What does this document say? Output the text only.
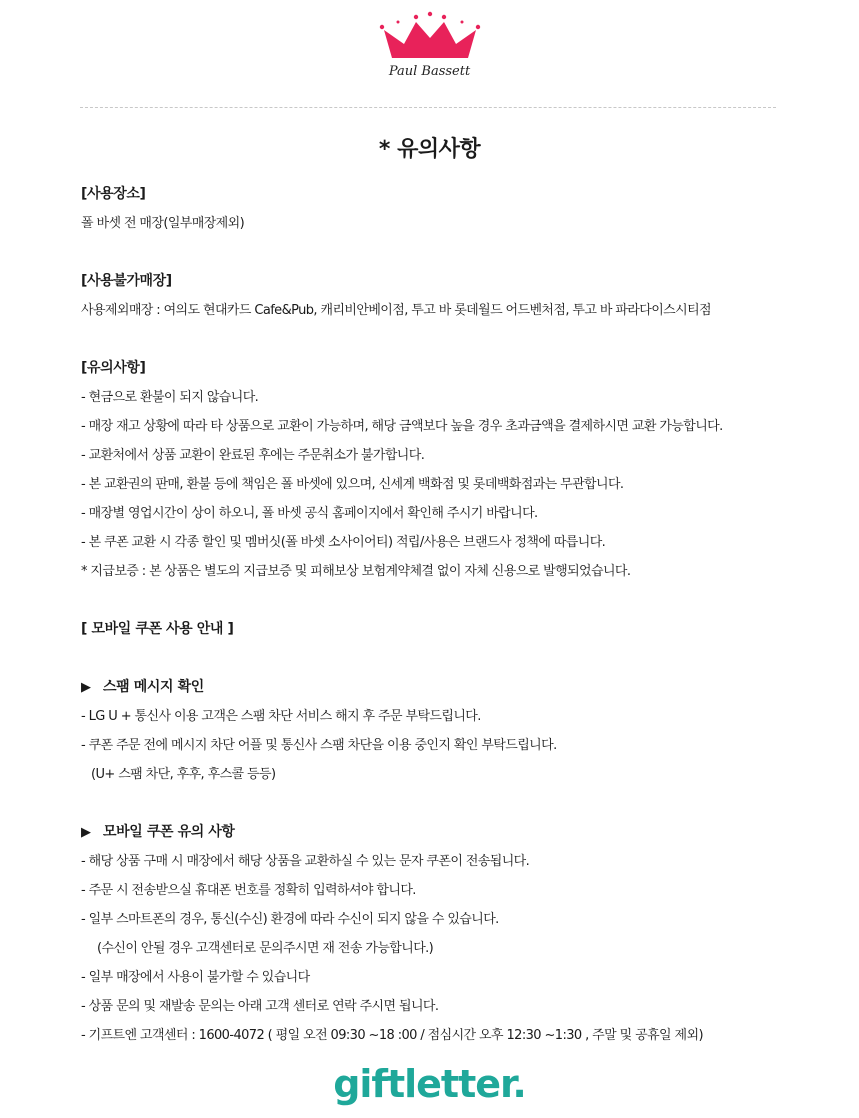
Paul Bassett
* 유의사항
[사용장소]
폴 바셋 전 매장(일부매장제외)
[사용불가매장]
사용제외매장 : 여의도 현대카드 Cafe&Pub, 캐리비안베이점, 투고 바 롯데월드 어드벤처점, 투고 바 파라다이스시티점
[유의사항]
- 현금으로 환불이 되지 않습니다.
- 매장 재고 상황에 따라 타 상품으로 교환이 가능하며, 해당 금액보다 높을 경우 초과금액을 결제하시면 교환 가능합니다.
- 교환처에서 상품 교환이 완료된 후에는 주문취소가 불가합니다.
- 본 교환권의 판매, 환불 등에 책임은 폴 바셋에 있으며, 신세계 백화점 및 롯데백화점과는 무관합니다.
- 매장별 영업시간이 상이 하오니, 폴 바셋 공식 홈페이지에서 확인해 주시기 바랍니다.
- 본 쿠폰 교환 시 각종 할인 및 멤버싯(폴 바셋 소사이어티) 적립/사용은 브랜드사 정책에 따릅니다.
* 지급보증 : 본 상품은 별도의 지급보증 및 피해보상 보험계약체결 없이 자체 신용으로 발행되었습니다.
[ 모바일 쿠폰 사용 안내 ]
▶ 스팸 메시지 확인
- LG U + 통신사 이용 고객은 스팸 차단 서비스 해지 후 주문 부탁드립니다.
- 쿠폰 주문 전에 메시지 차단 어플 및 통신사 스팸 차단을 이용 중인지 확인 부탁드립니다.
(U+ 스팸 차단, 후후, 후스콜 등등)
▶ 모바일 쿠폰 유의 사항
- 해당 상품 구매 시 매장에서 해당 상품을 교환하실 수 있는 문자 쿠폰이 전송됩니다.
- 주문 시 전송받으실 휴대폰 번호를 정확히 입력하셔야 합니다.
- 일부 스마트폰의 경우, 통신(수신) 환경에 따라 수신이 되지 않을 수 있습니다.
(수신이 안될 경우 고객센터로 문의주시면 재 전송 가능합니다.)
- 일부 매장에서 사용이 불가할 수 있습니다
- 상품 문의 및 재발송 문의는 아래 고객 센터로 연락 주시면 됩니다.
- 기프트엔 고객센터 : 1600-4072 ( 평일 오전 09:30 ~18 :00 / 점심시간 오후 12:30 ~1:30 , 주말 및 공휴일 제외)
giftletter.
